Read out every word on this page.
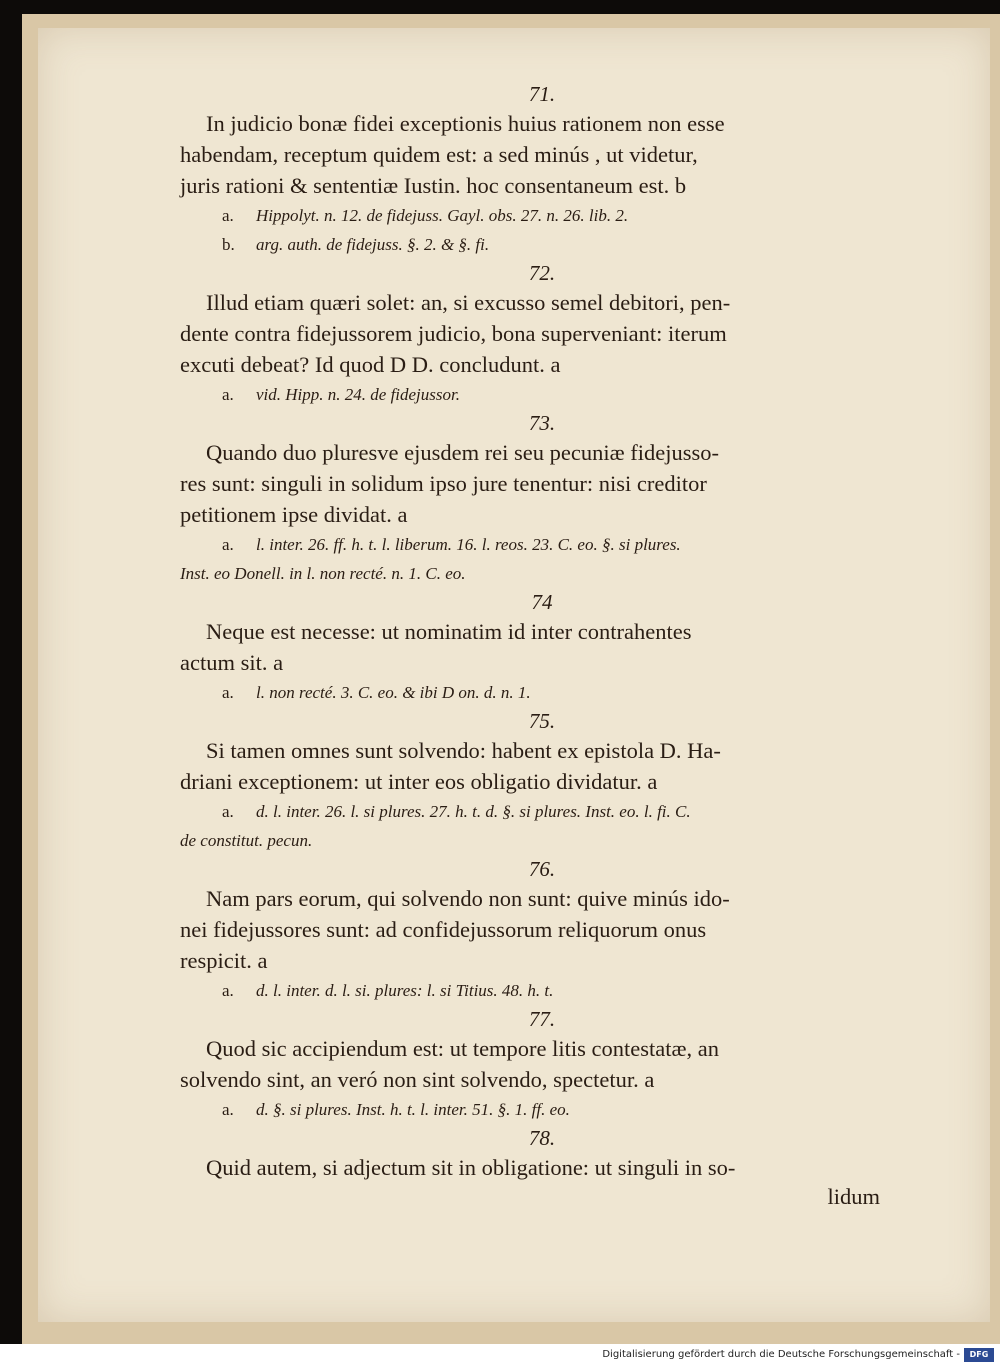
71.

In judicio bonæ fidei exceptionis huius rationem non esse
habendam, receptum quidem est: a sed minús , ut videtur,
juris rationi & sententiæ Iustin. hoc consentaneum est. b

a. Hippolyt. n. 12. de fidejuss. Gayl. obs. 27. n. 26. lib. 2.

b. arg. auth. de fidejuss. §. 2. & §. fi.

72.

Illud etiam quæri solet: an, si excusso semel debitori, pen-
dente contra fidejussorem judicio, bona superveniant: iterum
excuti debeat? Id quod D D. concludunt. a

a. vid. Hipp. n. 24. de fidejussor.

73.

Quando duo pluresve ejusdem rei seu pecuniæ fidejusso-
res sunt: singuli in solidum ipso jure tenentur: nisi creditor
petitionem ipse dividat. a

a. l. inter. 26. ff. h. t. l. liberum. 16. l. reos. 23. C. eo. §. si plures.
Inst. eo Donell. in l. non recté. n. 1. C. eo.

74

Neque est necesse: ut nominatim id inter contrahentes
actum sit. a

a. l. non recté. 3. C. eo. & ibi D on. d. n. 1.

75.

Si tamen omnes sunt solvendo: habent ex epistola D. Ha-
driani exceptionem: ut inter eos obligatio dividatur. a

a. d. l. inter. 26. l. si plures. 27. h. t. d. §. si plures. Inst. eo. l. fi. C.
de constitut. pecun.

76.

Nam pars eorum, qui solvendo non sunt: quive minús ido-
nei fidejussores sunt: ad confidejussorum reliquorum onus
respicit. a

a. d. l. inter. d. l. si. plures: l. si Titius. 48. h. t.

77.

Quod sic accipiendum est: ut tempore litis contestatæ, an
solvendo sint, an veró non sint solvendo, spectetur. a

a. d. §. si plures. Inst. h. t. l. inter. 51. §. 1. ff. eo.

78.

Quid autem, si adjectum sit in obligatione: ut singuli in so-

lidum
Digitalisierung gefördert durch die Deutsche Forschungsgemeinschaft -	DFG
